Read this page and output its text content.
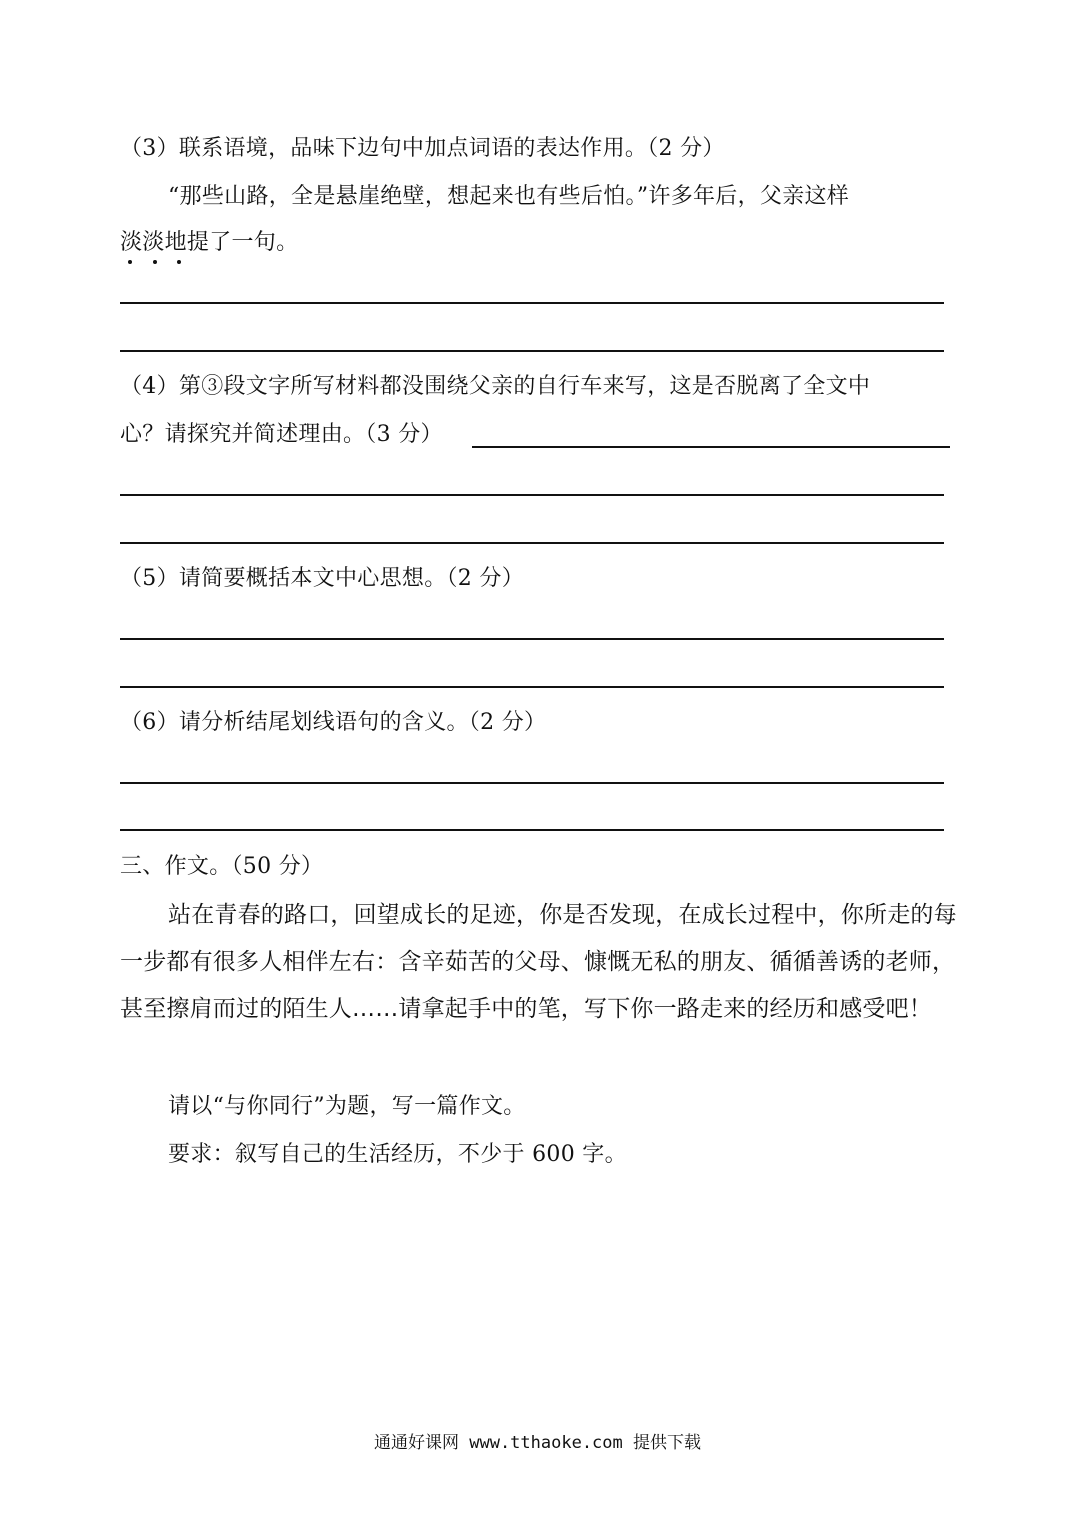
（3）联系语境，品味下边句中加点词语的表达作用。（2 分）
“那些山路，全是悬崖绝壁，想起来也有些后怕。”许多年后，父亲这样
淡淡地提了一句。
（4）第③段文字所写材料都没围绕父亲的自行车来写，这是否脱离了全文中
心？请探究并简述理由。（3 分）
（5）请简要概括本文中心思想。（2 分）
（6）请分析结尾划线语句的含义。（2 分）
三、作文。（50 分）
站在青春的路口，回望成长的足迹，你是否发现，在成长过程中，你所走的每一步都有很多人相伴左右：含辛茹苦的父母、慷慨无私的朋友、循循善诱的老师，甚至擦肩而过的陌生人……请拿起手中的笔，写下你一路走来的经历和感受吧！
请以“与你同行”为题，写一篇作文。
要求：叙写自己的生活经历，不少于 600 字。
通通好课网 www.tthaoke.com 提供下载
